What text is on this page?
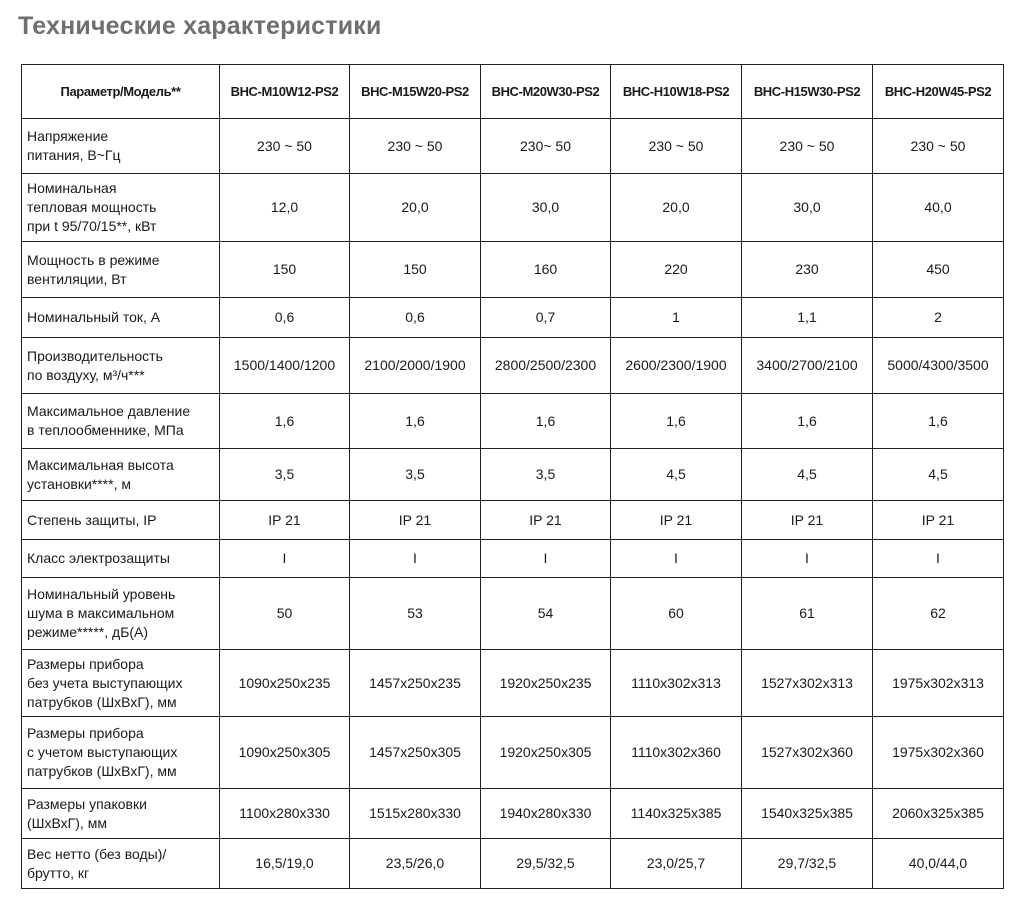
Технические характеристики
Параметр/Модель**	BHC-M10W12-PS2	BHC-M15W20-PS2	BHC-M20W30-PS2	BHC-H10W18-PS2	BHC-H15W30-PS2	BHC-H20W45-PS2
Напряжение
питания, В~Гц	230 ~ 50	230 ~ 50	230~ 50	230 ~ 50	230 ~ 50	230 ~ 50
Номинальная
тепловая мощность
при t 95/70/15**, кВт	12,0	20,0	30,0	20,0	30,0	40,0
Мощность в режиме
вентиляции, Вт	150	150	160	220	230	450
Номинальный ток, А	0,6	0,6	0,7	1	1,1	2
Производительность
по воздуху, м³/ч***	1500/1400/1200	2100/2000/1900	2800/2500/2300	2600/2300/1900	3400/2700/2100	5000/4300/3500
Максимальное давление
в теплообменнике, МПа	1,6	1,6	1,6	1,6	1,6	1,6
Максимальная высота
установки****, м	3,5	3,5	3,5	4,5	4,5	4,5
Степень защиты, IP	IP 21	IP 21	IP 21	IP 21	IP 21	IP 21
Класс электрозащиты	I	I	I	I	I	I
Номинальный уровень
шума в максимальном
режиме*****, дБ(А)	50	53	54	60	61	62
Размеры прибора
без учета выступающих
патрубков (ШхВхГ), мм	1090x250x235	1457x250x235	1920x250x235	1110x302x313	1527x302x313	1975x302x313
Размеры прибора
с учетом выступающих
патрубков (ШхВхГ), мм	1090x250x305	1457x250x305	1920x250x305	1110x302x360	1527x302x360	1975x302x360
Размеры упаковки
(ШхВхГ), мм	1100x280x330	1515x280x330	1940x280x330	1140x325x385	1540x325x385	2060x325x385
Вес нетто (без воды)/
брутто, кг	16,5/19,0	23,5/26,0	29,5/32,5	23,0/25,7	29,7/32,5	40,0/44,0
